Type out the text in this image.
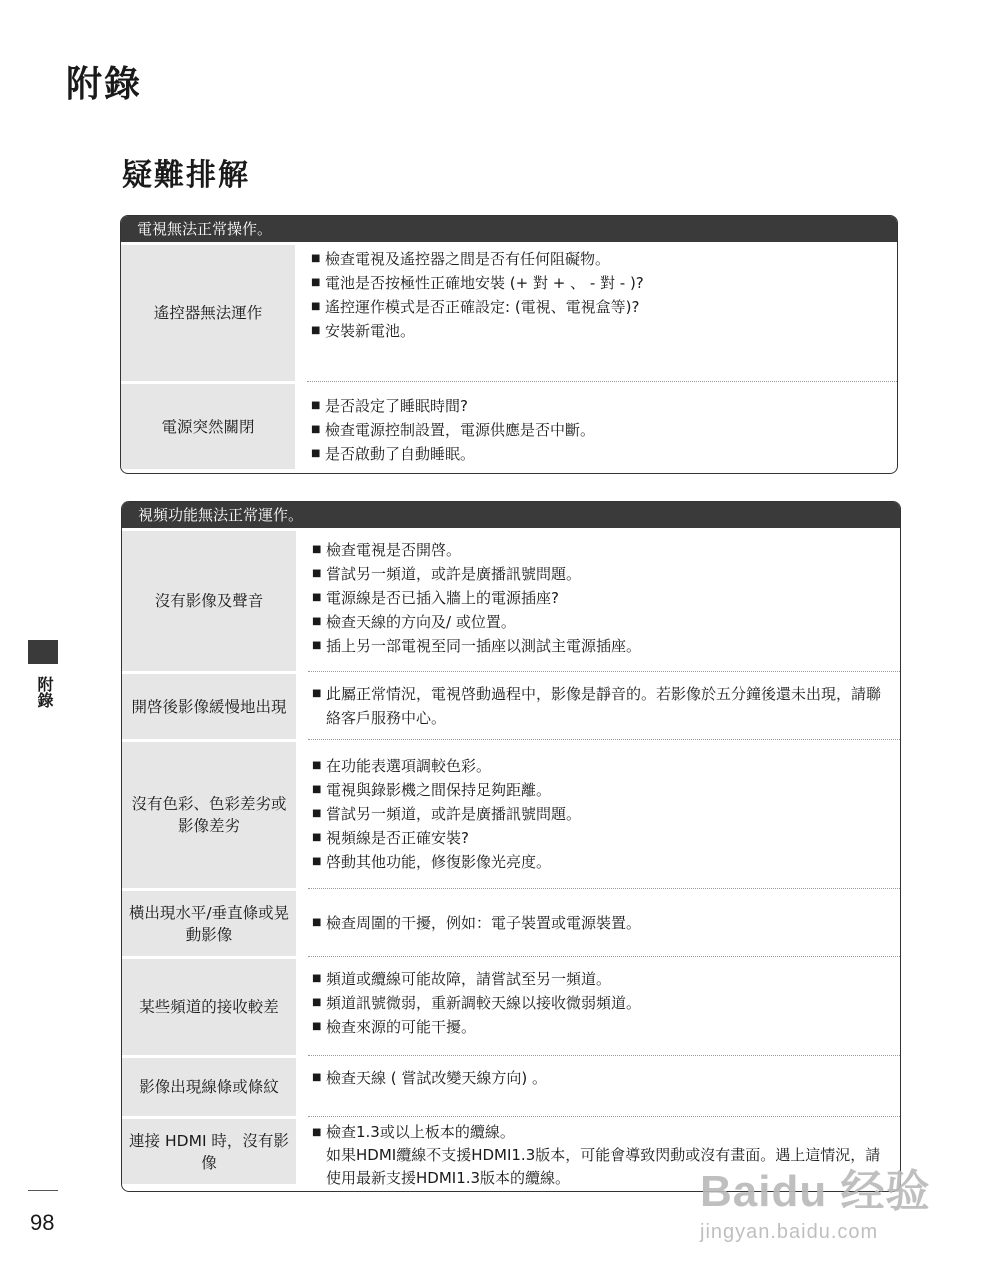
附錄
疑難排解
電視無法正常操作。
遙控器無法運作
■ 檢查電視及遙控器之間是否有任何阻礙物。
■ 電池是否按極性正確地安裝 (+ 對 + 、 - 對 - )?
■ 遙控運作模式是否正確設定: (電視、電視盒等)?
■ 安裝新電池。
電源突然關閉
■ 是否設定了睡眠時間?
■ 檢查電源控制設置，電源供應是否中斷。
■ 是否啟動了自動睡眠。
視頻功能無法正常運作。
沒有影像及聲音
■ 檢查電視是否開啓。
■ 嘗試另一頻道，或許是廣播訊號問題。
■ 電源線是否已插入牆上的電源插座?
■ 檢查天線的方向及/ 或位置。
■ 插上另一部電視至同一插座以測試主電源插座。
開啓後影像緩慢地出現
■ 此屬正常情況，電視啓動過程中，影像是靜音的。若影像於五分鐘後還未出現，請聯絡客戶服務中心。
沒有色彩、色彩差劣或
影像差劣
■ 在功能表選項調較色彩。
■ 電視與錄影機之間保持足夠距離。
■ 嘗試另一頻道，或許是廣播訊號問題。
■ 視頻線是否正確安裝?
■ 啓動其他功能，修復影像光亮度。
橫出現水平/垂直條或晃
動影像
■ 檢查周圍的干擾，例如：電子裝置或電源裝置。
某些頻道的接收較差
■ 頻道或纜線可能故障，請嘗試至另一頻道。
■ 頻道訊號微弱，重新調較天線以接收微弱頻道。
■ 檢查來源的可能干擾。
影像出現線條或條紋
■	檢查天線 ( 嘗試改變天線方向) 。
連接 HDMI 時，沒有影像
■ 檢查1.3或以上板本的纜線。
如果HDMI纜線不支援HDMI1.3版本，可能會導致閃動或沒有畫面。遇上這情況，請使用最新支援HDMI1.3版本的纜線。
附錄
98
Baidu 经验
jingyan.baidu.com
